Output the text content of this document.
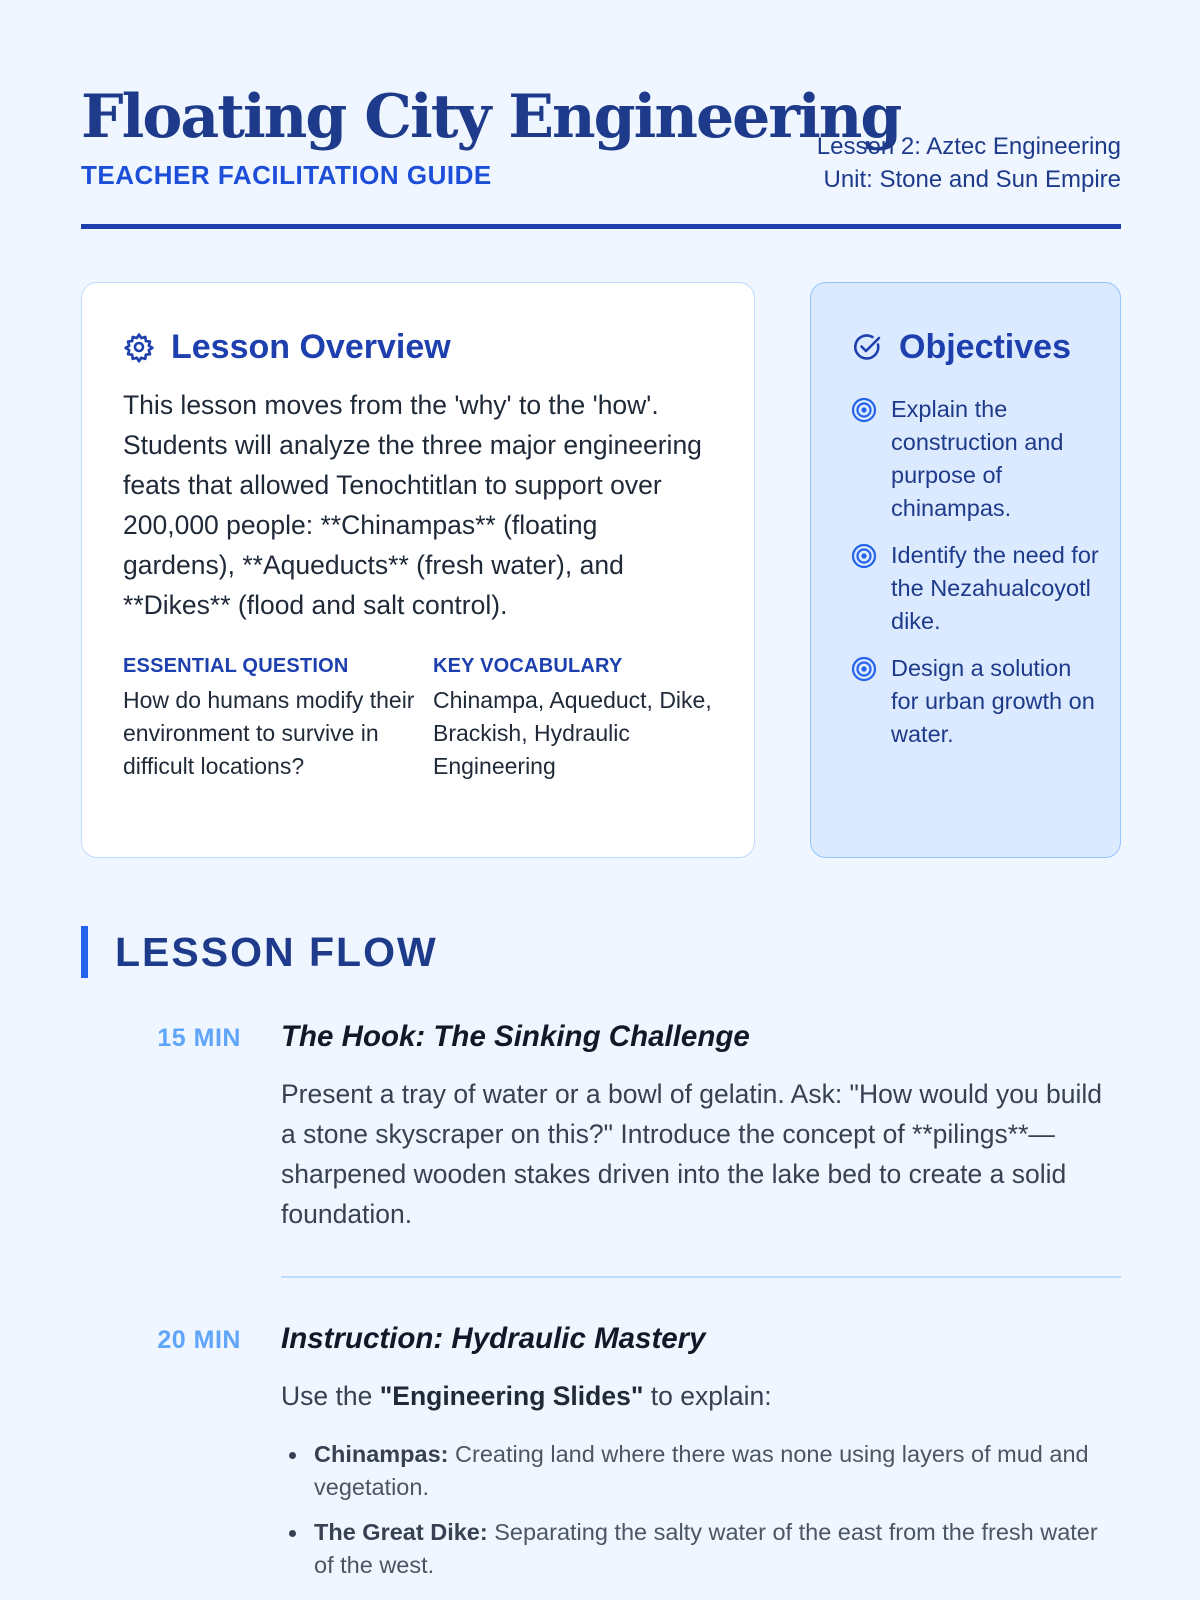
Floating City Engineering
TEACHER FACILITATION GUIDE
Lesson 2: Aztec Engineering
Unit: Stone and Sun Empire
Lesson Overview

This lesson moves from the 'why' to the 'how'. Students will analyze the three major engineering feats that allowed Tenochtitlan to support over 200,000 people: **Chinampas** (floating gardens), **Aqueducts** (fresh water), and **Dikes** (flood and salt control).

ESSENTIAL QUESTION
How do humans modify their environment to survive in difficult locations?
KEY VOCABULARY
Chinampa, Aqueduct, Dike, Brackish, Hydraulic Engineering
Objectives
Explain the construction and purpose of chinampas.
Identify the need for the Nezahualcoyotl dike.
Design a solution for urban growth on water.
LESSON FLOW
15 MIN The Hook: The Sinking Challenge

Present a tray of water or a bowl of gelatin. Ask: "How would you build a stone skyscraper on this?" Introduce the concept of **pilings**—sharpened wooden stakes driven into the lake bed to create a solid foundation.

20 MIN Instruction: Hydraulic Mastery

Use the "Engineering Slides" to explain:

Chinampas: Creating land where there was none using layers of mud and vegetation.
The Great Dike: Separating the salty water of the east from the fresh water of the west.
